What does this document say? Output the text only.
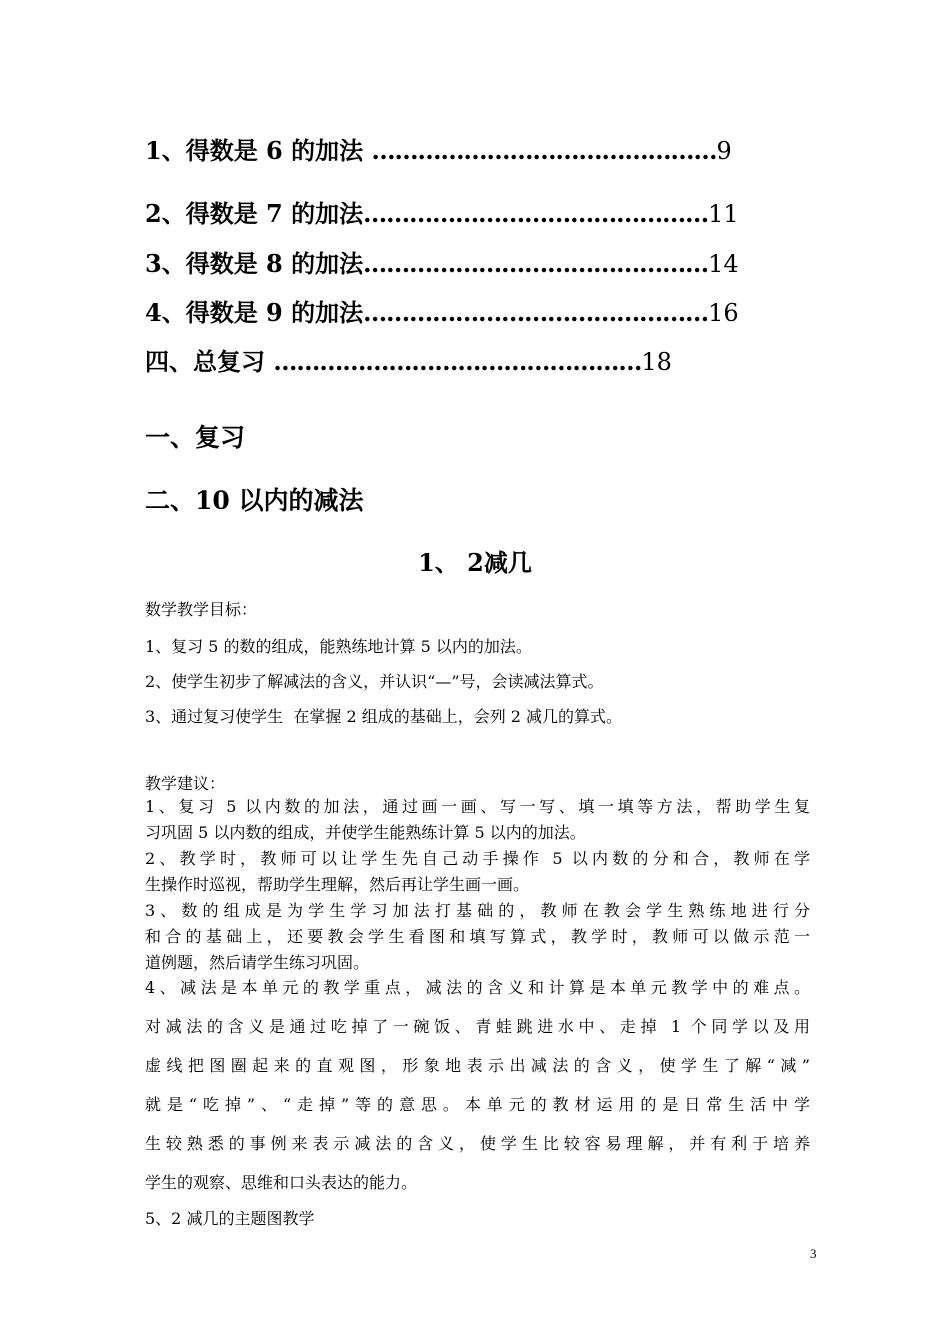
1、得数是 6 的加法 ………………………………………9
2、得数是 7 的加法………………………………………11
3、得数是 8 的加法………………………………………14
4、得数是 9 的加法………………………………………16
四、总复习 …………………………………………18
一、复习
二、10 以内的减法
1、 2减几
数学教学目标：
1、复习 5 的数的组成，能熟练地计算 5 以内的加法。
2、使学生初步了解减法的含义，并认识“—”号，会读减法算式。
3、通过复习使学生  在掌握 2 组成的基础上，会列 2 减几的算式。
教学建议：
1、复习 5 以内数的加法，通过画一画、写一写、填一填等方法，帮助学生复
习巩固 5 以内数的组成，并使学生能熟练计算 5 以内的加法。
2、教学时，教师可以让学生先自己动手操作 5 以内数的分和合，教师在学
生操作时巡视，帮助学生理解，然后再让学生画一画。
3、数的组成是为学生学习加法打基础的，教师在教会学生熟练地进行分
和合的基础上，还要教会学生看图和填写算式，教学时，教师可以做示范一
道例题，然后请学生练习巩固。
4、减法是本单元的教学重点，减法的含义和计算是本单元教学中的难点。
对减法的含义是通过吃掉了一碗饭、青蛙跳进水中、走掉 1 个同学以及用
虚线把图圈起来的直观图，形象地表示出减法的含义，使学生了解“减”
就是“吃掉”、“走掉”等的意思。本单元的教材运用的是日常生活中学
生较熟悉的事例来表示减法的含义，使学生比较容易理解，并有利于培养
学生的观察、思维和口头表达的能力。
5、2 减几的主题图教学
3
